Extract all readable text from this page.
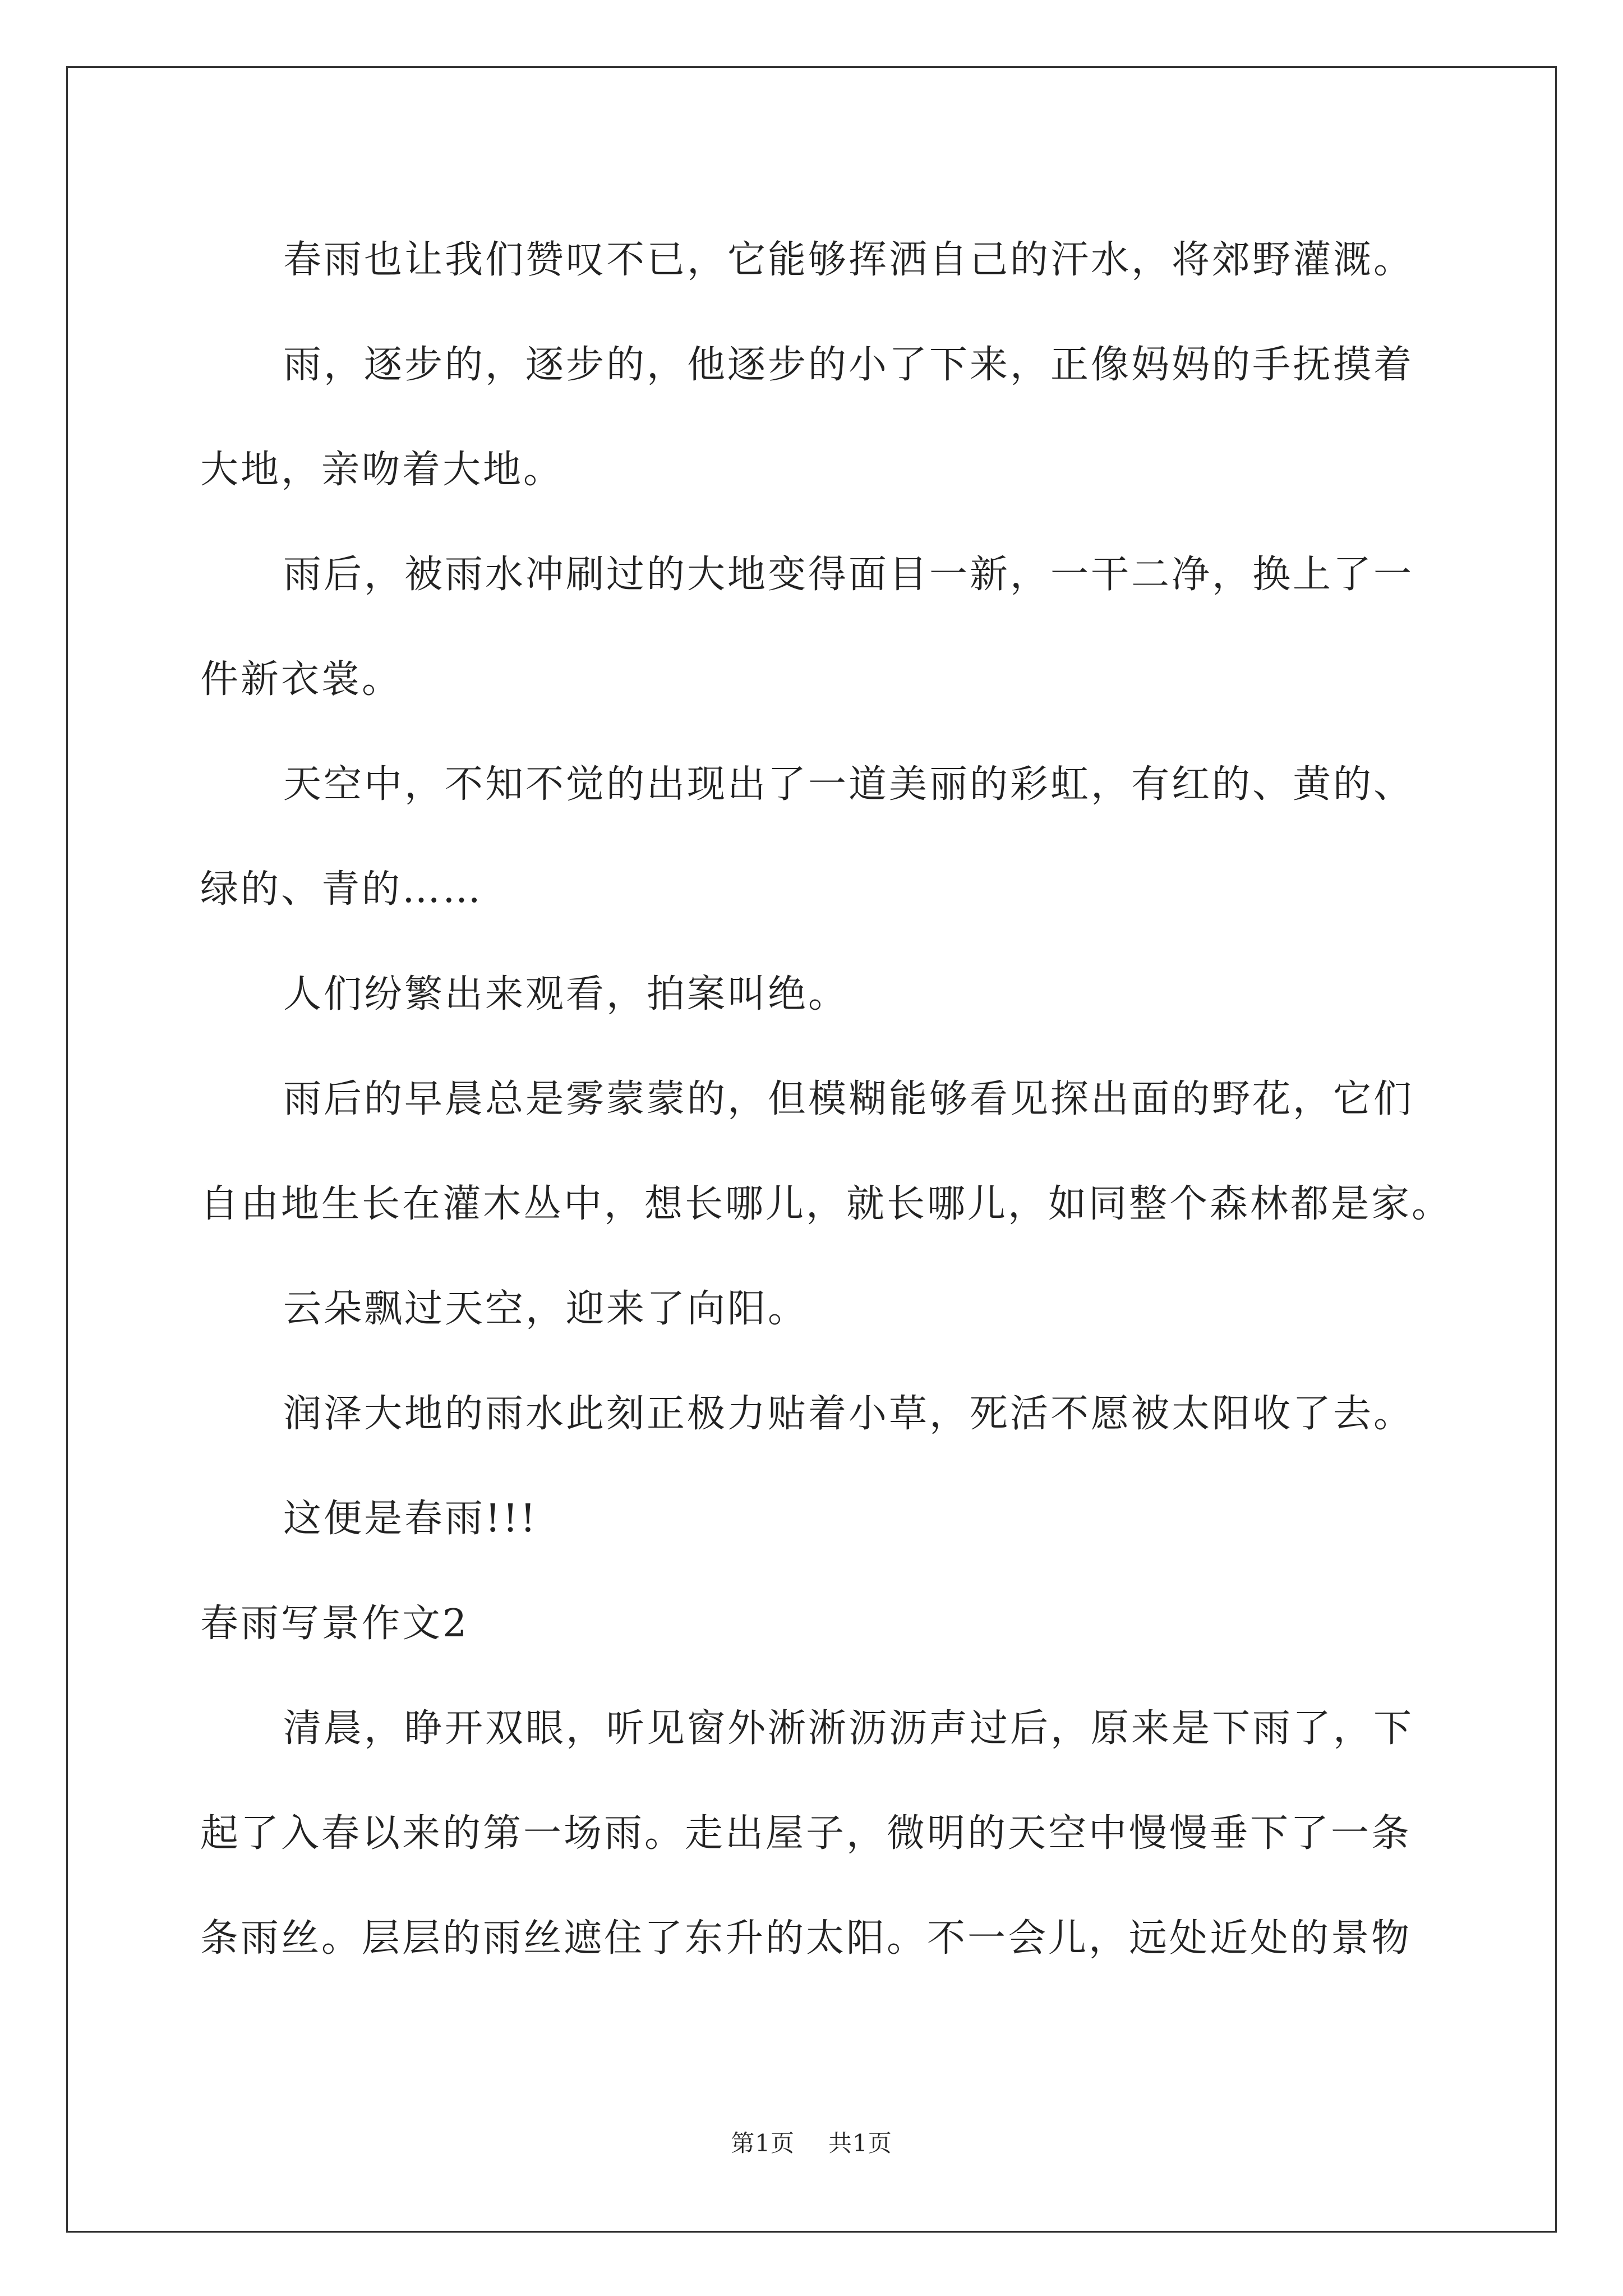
春雨也让我们赞叹不已，它能够挥洒自己的汗水，将郊野灌溉。
雨，逐步的，逐步的，他逐步的小了下来，正像妈妈的手抚摸着
大地，亲吻着大地。
雨后，被雨水冲刷过的大地变得面目一新，一干二净，换上了一
件新衣裳。
天空中，不知不觉的出现出了一道美丽的彩虹，有红的、黄的、
绿的、青的……
人们纷繁出来观看，拍案叫绝。
雨后的早晨总是雾蒙蒙的，但模糊能够看见探出面的野花，它们
自由地生长在灌木丛中，想长哪儿，就长哪儿，如同整个森林都是家。
云朵飘过天空，迎来了向阳。
润泽大地的雨水此刻正极力贴着小草，死活不愿被太阳收了去。
这便是春雨!!!
春雨写景作文2
清晨，睁开双眼，听见窗外淅淅沥沥声过后，原来是下雨了，下
起了入春以来的第一场雨。走出屋子，微明的天空中慢慢垂下了一条
条雨丝。层层的雨丝遮住了东升的太阳。不一会儿，远处近处的景物
第1页 共1页
